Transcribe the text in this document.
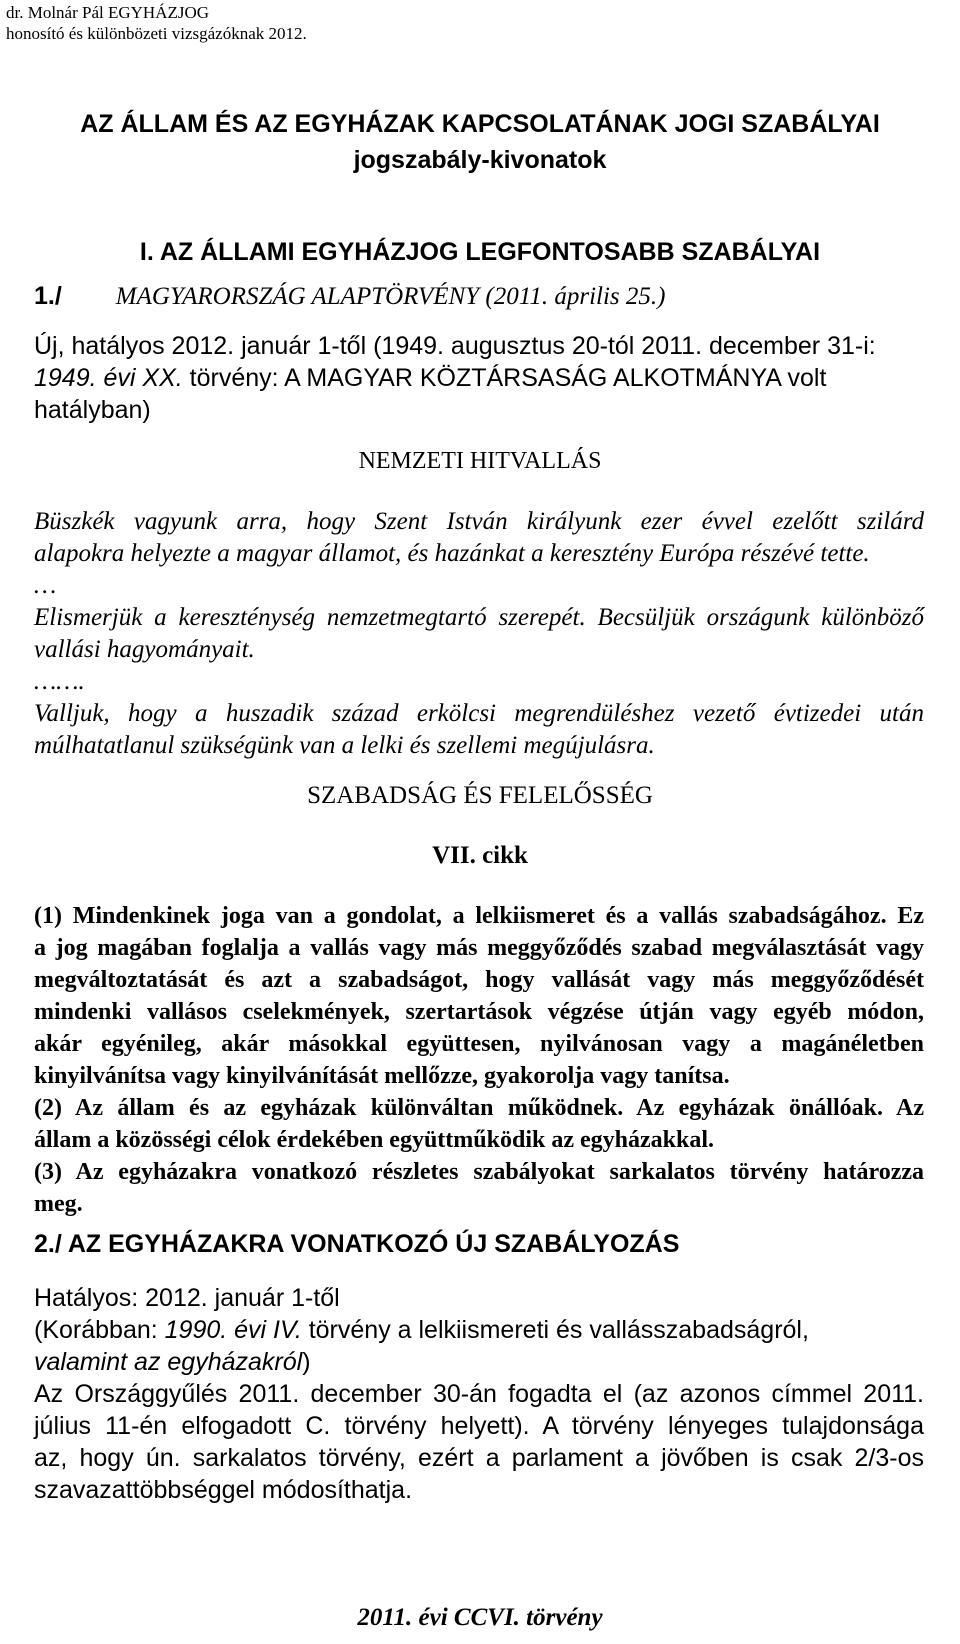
dr. Molnár Pál EGYHÁZJOG
honosító és különbözeti vizsgázóknak 2012.
AZ ÁLLAM ÉS AZ EGYHÁZAK KAPCSOLATÁNAK JOGI SZABÁLYAI
jogszabály-kivonatok
I. AZ ÁLLAMI EGYHÁZJOG LEGFONTOSABB SZABÁLYAI
1./ MAGYARORSZÁG ALAPTÖRVÉNY (2011. április 25.)
Új, hatályos 2012. január 1-től (1949. augusztus 20-tól 2011. december 31-i:
1949. évi XX. törvény: A MAGYAR KÖZTÁRSASÁG ALKOTMÁNYA volt
hatályban)
NEMZETI HITVALLÁS
Büszkék vagyunk arra, hogy Szent István királyunk ezer évvel ezelőtt szilárd
alapokra helyezte a magyar államot, és hazánkat a keresztény Európa részévé tette.
…
Elismerjük a kereszténység nemzetmegtartó szerepét. Becsüljük országunk különböző
vallási hagyományait.
…….
Valljuk, hogy a huszadik század erkölcsi megrendüléshez vezető évtizedei után
múlhatatlanul szükségünk van a lelki és szellemi megújulásra.
SZABADSÁG ÉS FELELŐSSÉG
VII. cikk
(1) Mindenkinek joga van a gondolat, a lelkiismeret és a vallás szabadságához. Ez
a jog magában foglalja a vallás vagy más meggyőződés szabad megválasztását vagy
megváltoztatását és azt a szabadságot, hogy vallását vagy más meggyőződését
mindenki vallásos cselekmények, szertartások végzése útján vagy egyéb módon,
akár egyénileg, akár másokkal együttesen, nyilvánosan vagy a magánéletben
kinyilvánítsa vagy kinyilvánítását mellőzze, gyakorolja vagy tanítsa.
(2) Az állam és az egyházak különváltan működnek. Az egyházak önállóak. Az
állam a közösségi célok érdekében együttműködik az egyházakkal.
(3) Az egyházakra vonatkozó részletes szabályokat sarkalatos törvény határozza
meg.
2./ AZ EGYHÁZAKRA VONATKOZÓ ÚJ SZABÁLYOZÁS
Hatályos: 2012. január 1-től
(Korábban: 1990. évi IV. törvény a lelkiismereti és vallásszabadságról,
valamint az egyházakról)
Az Országgyűlés 2011. december 30-án fogadta el (az azonos címmel 2011.
július 11-én elfogadott C. törvény helyett). A törvény lényeges tulajdonsága
az, hogy ún. sarkalatos törvény, ezért a parlament a jövőben is csak 2/3-os
szavazattöbbséggel módosíthatja.
2011. évi CCVI. törvény
